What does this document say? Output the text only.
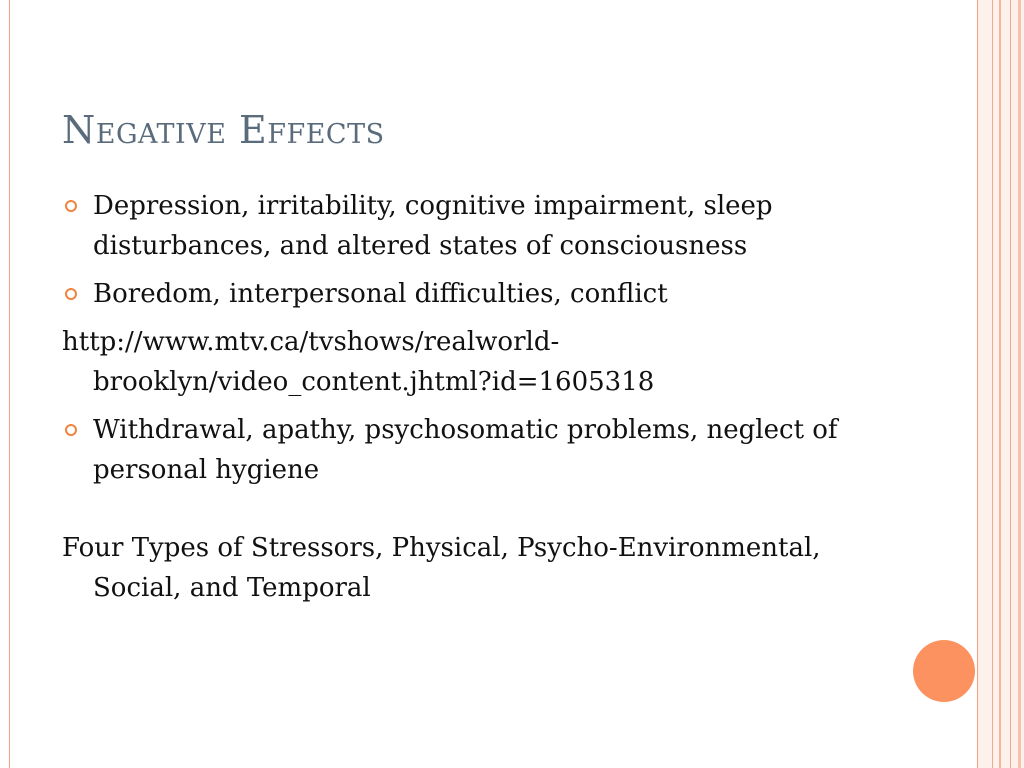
Negative Effects
Depression, irritability, cognitive impairment, sleep disturbances, and altered states of consciousness
Boredom, interpersonal difficulties, conflict
http://www.mtv.ca/tvshows/realworld-brooklyn/video_content.jhtml?id=1605318
Withdrawal, apathy, psychosomatic problems, neglect of personal hygiene
Four Types of Stressors, Physical, Psycho-Environmental, Social, and Temporal
